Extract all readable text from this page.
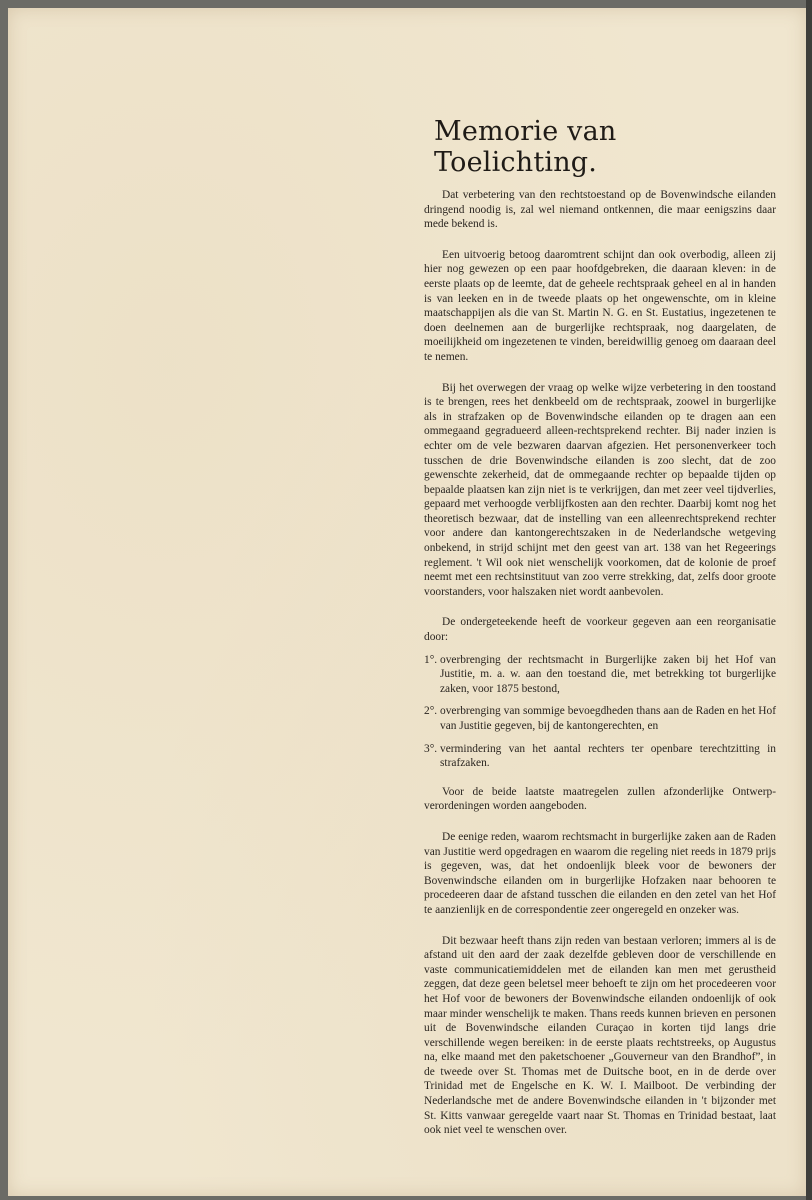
Memorie van Toelichting.

Dat verbetering van den rechtstoestand op de Bovenwindsche eilanden dringend noodig is, zal wel niemand ontkennen, die maar eenigszins daar mede bekend is.

Een uitvoerig betoog daaromtrent schijnt dan ook overbodig, alleen zij hier nog gewezen op een paar hoofdgebreken, die daaraan kleven: in de eerste plaats op de leemte, dat de geheele rechtspraak geheel en al in handen is van leeken en in de tweede plaats op het ongewenschte, om in kleine maatschappijen als die van St. Martin N. G. en St. Eustatius, ingezetenen te doen deelnemen aan de burgerlijke rechtspraak, nog daargelaten, de moeilijkheid om ingezetenen te vinden, bereidwillig genoeg om daaraan deel te nemen.

Bij het overwegen der vraag op welke wijze verbetering in den toostand is te brengen, rees het denkbeeld om de rechtspraak, zoowel in burgerlijke als in strafzaken op de Bovenwindsche eilanden op te dragen aan een ommegaand gegradueerd alleen-rechtsprekend rechter. Bij nader inzien is echter om de vele bezwaren daarvan afgezien. Het personenverkeer toch tusschen de drie Bovenwindsche eilanden is zoo slecht, dat de zoo gewenschte zekerheid, dat de ommegaande rechter op bepaalde tijden op bepaalde plaatsen kan zijn niet is te verkrijgen, dan met zeer veel tijdverlies, gepaard met verhoogde verblijfkosten aan den rechter. Daarbij komt nog het theoretisch bezwaar, dat de instelling van een alleenrechtsprekend rechter voor andere dan kantongerechtszaken in de Nederlandsche wetgeving onbekend, in strijd schijnt met den geest van art. 138 van het Regeerings reglement. 't Wil ook niet wenschelijk voorkomen, dat de kolonie de proef neemt met een rechtsinstituut van zoo verre strekking, dat, zelfs door groote voorstanders, voor halszaken niet wordt aanbevolen.

De ondergeteekende heeft de voorkeur gegeven aan een reorganisatie door:

1°. overbrenging der rechtsmacht in Burgerlijke zaken bij het Hof van Justitie, m. a. w. aan den toestand die, met betrekking tot burgerlijke zaken, voor 1875 bestond,
2°. overbrenging van sommige bevoegdheden thans aan de Raden en het Hof van Justitie gegeven, bij de kantongerechten, en
3°. vermindering van het aantal rechters ter openbare terechtzitting in strafzaken.

Voor de beide laatste maatregelen zullen afzonderlijke Ontwerp-verordeningen worden aangeboden.

De eenige reden, waarom rechtsmacht in burgerlijke zaken aan de Raden van Justitie werd opgedragen en waarom die regeling niet reeds in 1879 prijs is gegeven, was, dat het ondoenlijk bleek voor de bewoners der Bovenwindsche eilanden om in burgerlijke Hofzaken naar behooren te procedeeren daar de afstand tusschen die eilanden en den zetel van het Hof te aanzienlijk en de correspondentie zeer ongeregeld en onzeker was.

Dit bezwaar heeft thans zijn reden van bestaan verloren; immers al is de afstand uit den aard der zaak dezelfde gebleven door de verschillende en vaste communicatiemiddelen met de eilanden kan men met gerustheid zeggen, dat deze geen beletsel meer behoeft te zijn om het procedeeren voor het Hof voor de bewoners der Bovenwindsche eilanden ondoenlijk of ook maar minder wenschelijk te maken. Thans reeds kunnen brieven en personen uit de Bovenwindsche eilanden Curaçao in korten tijd langs drie verschillende wegen bereiken: in de eerste plaats rechtstreeks, op Augustus na, elke maand met den paketschoener „Gouverneur van den Brandhof”, in de tweede over St. Thomas met de Duitsche boot, en in de derde over Trinidad met de Engelsche en K. W. I. Mailboot. De verbinding der Nederlandsche met de andere Bovenwindsche eilanden in 't bijzonder met St. Kitts vanwaar geregelde vaart naar St. Thomas en Trinidad bestaat, laat ook niet veel te wenschen over.
